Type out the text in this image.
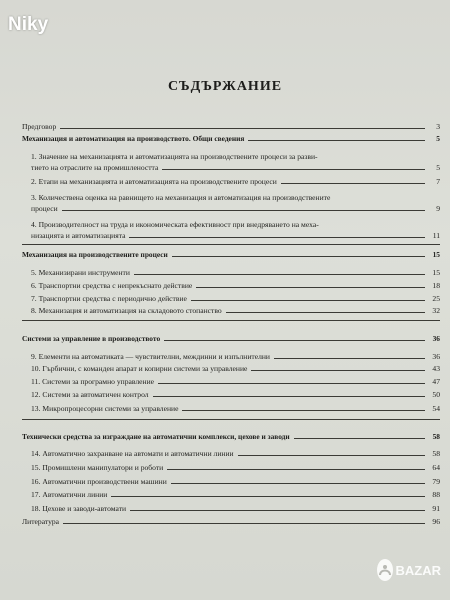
Niky
СЪДЪРЖАНИЕ
Предговор	3
Механизация и автоматизация на производството. Общи сведения	5
1. Значение на механизацията и автоматизацията на производствените процеси за разви-
тието на отраслите на промишлеността	5
2. Етапи на механизацията и автоматизацията на производствените процеси	7
3. Количествена оценка на равнището на механизация и автоматизация на производствените
процеси	9
4. Производителност на труда и икономическата ефективност при внедряването на меха-
низацията и автоматизацията	11
Механизация на производствените процеси	15
5. Механизирани инструменти	15
6. Транспортни средства с непрекъснато действие	18
7. Транспортни средства с периодично действие	25
8. Механизация и автоматизация на складовото стопанство	32
Системи за управление в производството	36
9. Елементи на автоматиката — чувствителни, междинни и изпълнителни	36
10. Гърбични, с команден апарат и копирни системи за управление	43
11. Системи за програмно управление	47
12. Системи за автоматичен контрол	50
13. Микропроцесорни системи за управление	54
Технически средства за изграждане на автоматични комплекси, цехове и заводи	58
14. Автоматично захранване на автомати и автоматични линии	58
15. Промишлени манипулатори и роботи	64
16. Автоматични производствени машини	79
17. Автоматични линии	88
18. Цехове и заводи-автомати	91
Литература	96
BAZAR
